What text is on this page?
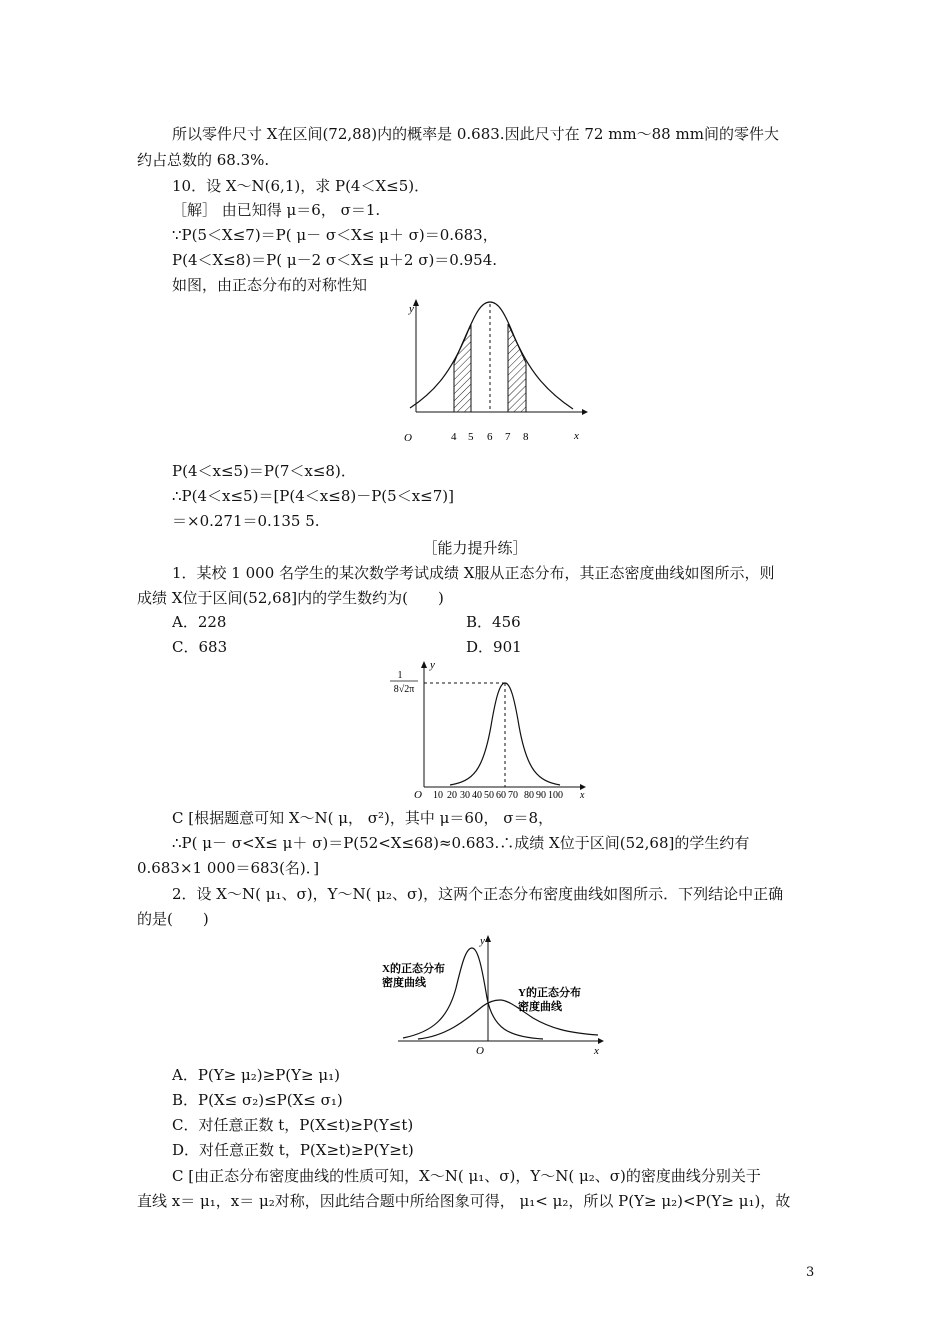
所以零件尺寸 X在区间(72,88)内的概率是 0.683.因此尺寸在 72 mm～88 mm间的零件大
约占总数的 68.3%.
10．设 X～N(6,1)，求 P(4＜X≤5)．
［解］ 由已知得 μ＝6， σ＝1.
∵P(5＜X≤7)＝P( μ－ σ＜X≤ μ＋ σ)＝0.683，
P(4＜X≤8)＝P( μ－2 σ＜X≤ μ＋2 σ)＝0.954.
如图，由正态分布的对称性知
y
x
O	4 5 6 7 8
P(4＜x≤5)＝P(7＜x≤8)．
∴P(4＜x≤5)＝[P(4＜x≤8)－P(5＜x≤7)]
＝×0.271＝0.135 5.
［能力提升练］
1．某校 1 000 名学生的某次数学考试成绩 X服从正态分布，其正态密度曲线如图所示，则
成绩 X位于区间(52,68]内的学生数约为(　　)
A．228	B．456
C．683	D．901
y
1
8√2π
O	x
10 20 30 40 50 60 70 80 90 100
C [根据题意可知 X～N( μ， σ²)，其中 μ＝60， σ＝8，
∴P( μ－ σ<X≤ μ＋ σ)＝P(52<X≤68)≈0.683.∴成绩 X位于区间(52,68]的学生约有
0.683×1 000＝683(名)．]
2．设 X～N( μ₁、σ)，Y～N( μ₂、σ)，这两个正态分布密度曲线如图所示．下列结论中正确
的是(　　)
y
x
O
X的正态分布
密度曲线
Y的正态分布
密度曲线
A．P(Y≥ μ₂)≥P(Y≥ μ₁)
B．P(X≤ σ₂)≤P(X≤ σ₁)
C．对任意正数 t，P(X≤t)≥P(Y≤t)
D．对任意正数 t，P(X≥t)≥P(Y≥t)
C [由正态分布密度曲线的性质可知，X～N( μ₁、σ)，Y～N( μ₂、σ)的密度曲线分别关于
直线 x＝ μ₁，x＝ μ₂对称，因此结合题中所给图象可得， μ₁< μ₂，所以 P(Y≥ μ₂)<P(Y≥ μ₁)，故
3
